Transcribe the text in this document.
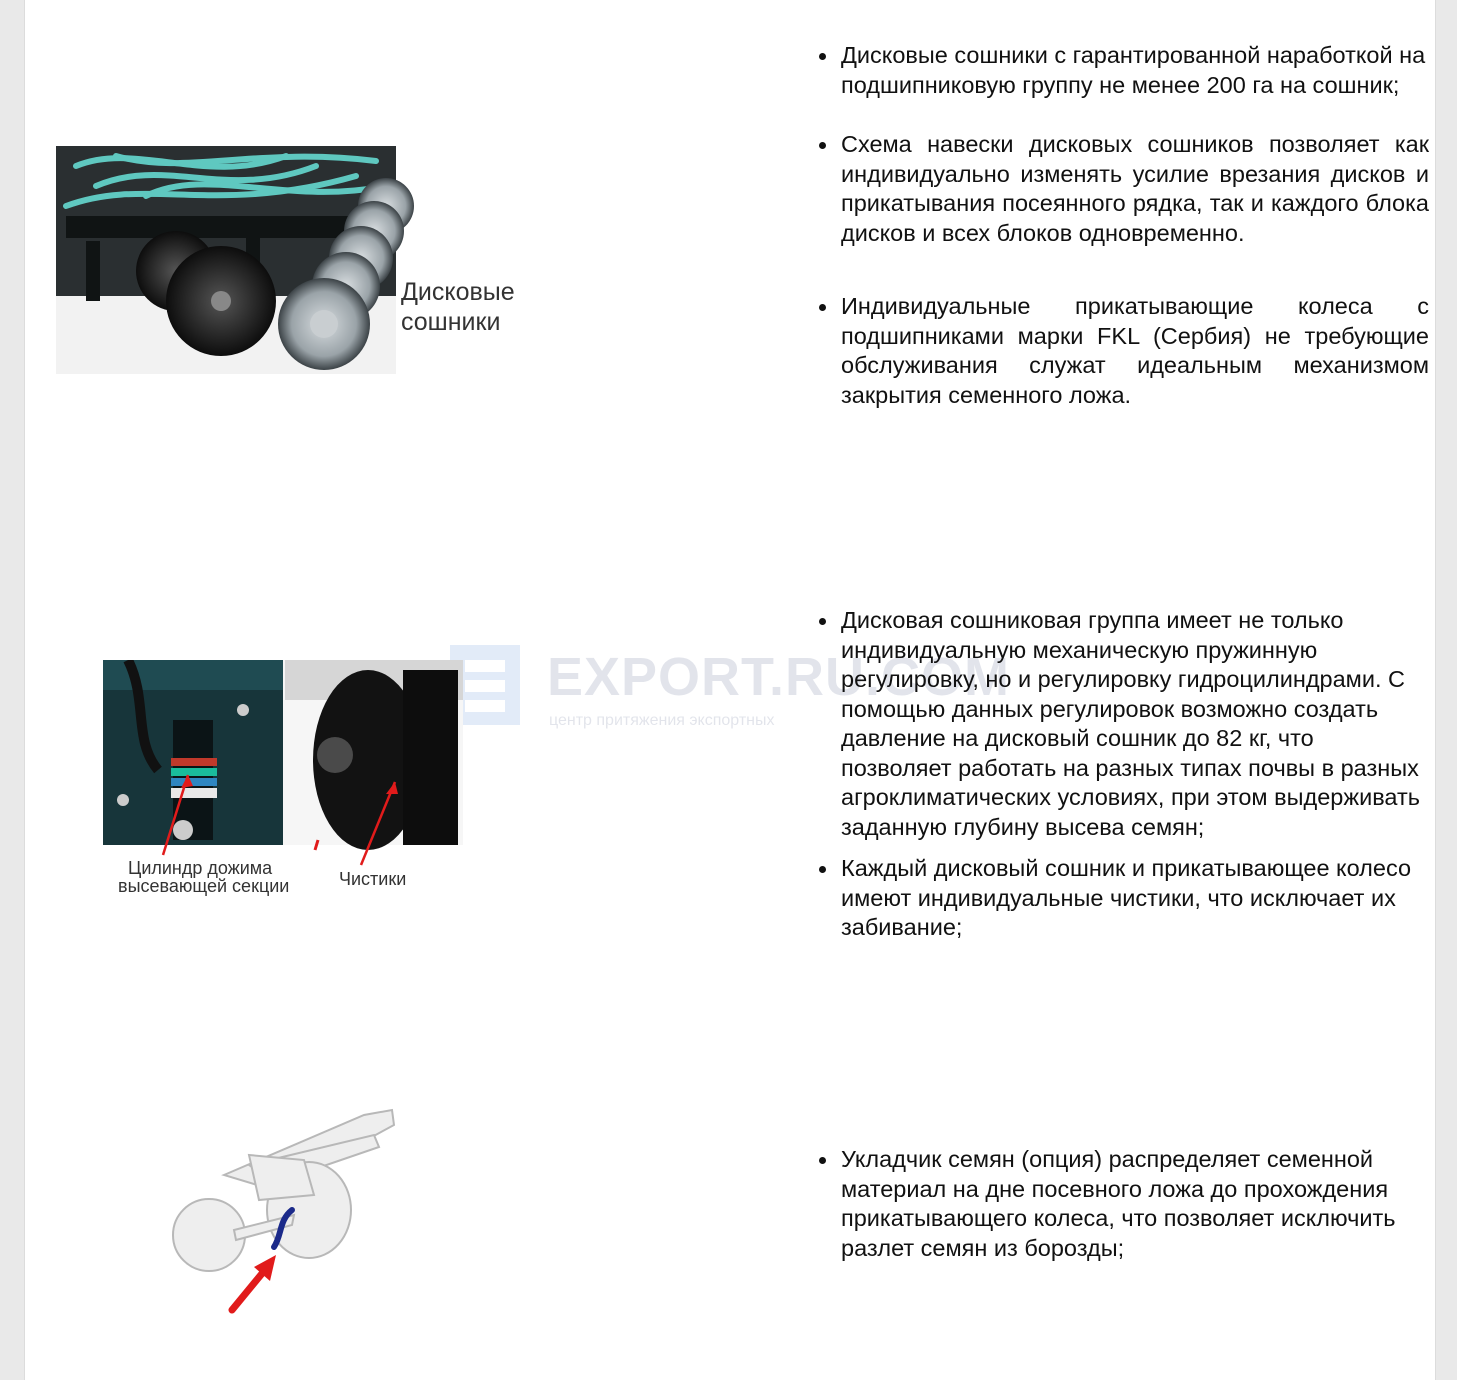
Дисковые
сошники
• Дисковые сошники с гарантированной наработкой на подшипниковую группу не менее 200 га на сошник;
• Схема навески дисковых сошников позволяет как индивидуально изменять усилие врезания дисков и прикатывания посеянного рядка, так и каждого блока дисков и всех блоков одновременно.
• Индивидуальные прикатывающие колеса с подшипниками марки FKL (Сербия) не требующие обслуживания служат идеальным механизмом закрытия семенного ложа.
EXPORT.RU.COM
центр притяжения экспортных
Цилиндр дожима
высевающей секции	Чистики
• Дисковая сошниковая группа имеет не только индивидуальную механическую пружинную регулировку, но и регулировку гидроцилиндрами. С помощью данных регулировок возможно создать давление на дисковый сошник до 82 кг, что позволяет работать на разных типах почвы в разных агроклиматических условиях, при этом выдерживать заданную глубину высева семян;
• Каждый дисковый сошник и прикатывающее колесо имеют индивидуальные чистики, что исключает их забивание;
• Укладчик семян (опция) распределяет семенной материал на дне посевного ложа до прохождения прикатывающего колеса, что позволяет исключить разлет семян из борозды;
